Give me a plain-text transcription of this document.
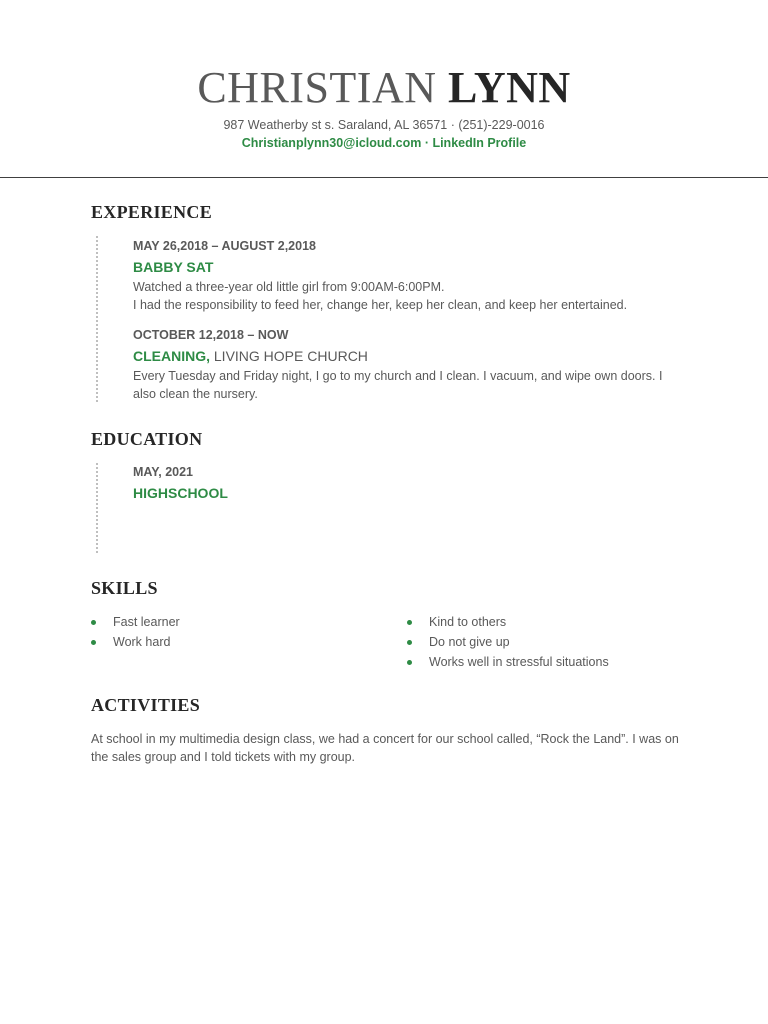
CHRISTIAN LYNN
987 Weatherby st s. Saraland, AL 36571 · (251)-229-0016
Christianplynn30@icloud.com · LinkedIn Profile
EXPERIENCE
MAY 26,2018 – AUGUST 2,2018
BABBY SAT
Watched a three-year old little girl from 9:00AM-6:00PM.
I had the responsibility to feed her, change her, keep her clean, and keep her entertained.
OCTOBER 12,2018 – NOW
CLEANING, LIVING HOPE CHURCH
Every Tuesday and Friday night, I go to my church and I clean. I vacuum, and wipe own doors. I
also clean the nursery.
EDUCATION
MAY, 2021
HIGHSCHOOL
SKILLS
Fast learner
Work hard
Kind to others
Do not give up
Works well in stressful situations
ACTIVITIES
At school in my multimedia design class, we had a concert for our school called, “Rock the Land”. I was on the sales group and I told tickets with my group.
